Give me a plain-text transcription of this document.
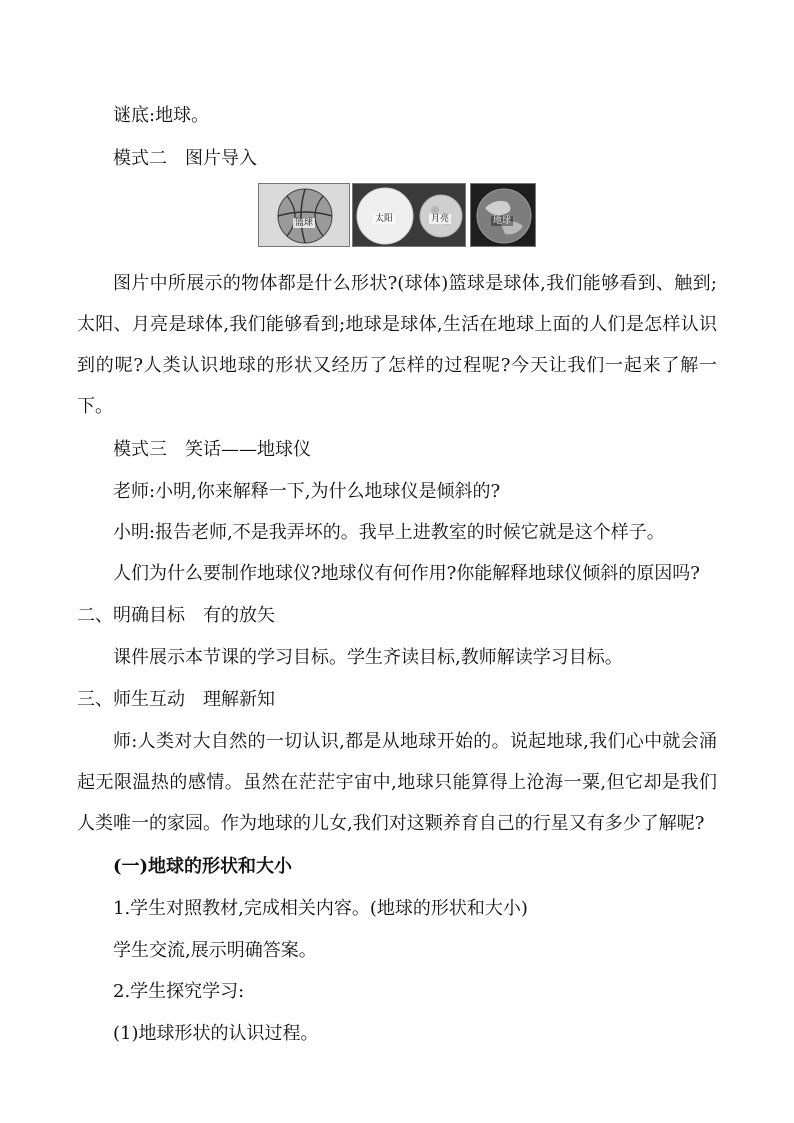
谜底:地球。
模式二　图片导入
篮球	太阳	月亮	地球
图片中所展示的物体都是什么形状?(球体)篮球是球体,我们能够看到、触到;太阳、月亮是球体,我们能够看到;地球是球体,生活在地球上面的人们是怎样认识到的呢?人类认识地球的形状又经历了怎样的过程呢?今天让我们一起来了解一下。
模式三　笑话——地球仪
老师:小明,你来解释一下,为什么地球仪是倾斜的?
小明:报告老师,不是我弄坏的。我早上进教室的时候它就是这个样子。
人们为什么要制作地球仪?地球仪有何作用?你能解释地球仪倾斜的原因吗?
二、明确目标　有的放矢
课件展示本节课的学习目标。学生齐读目标,教师解读学习目标。
三、师生互动　理解新知
师:人类对大自然的一切认识,都是从地球开始的。说起地球,我们心中就会涌起无限温热的感情。虽然在茫茫宇宙中,地球只能算得上沧海一粟,但它却是我们人类唯一的家园。作为地球的儿女,我们对这颗养育自己的行星又有多少了解呢?
(一)地球的形状和大小
1.学生对照教材,完成相关内容。(地球的形状和大小)
学生交流,展示明确答案。
2.学生探究学习:
(1)地球形状的认识过程。
